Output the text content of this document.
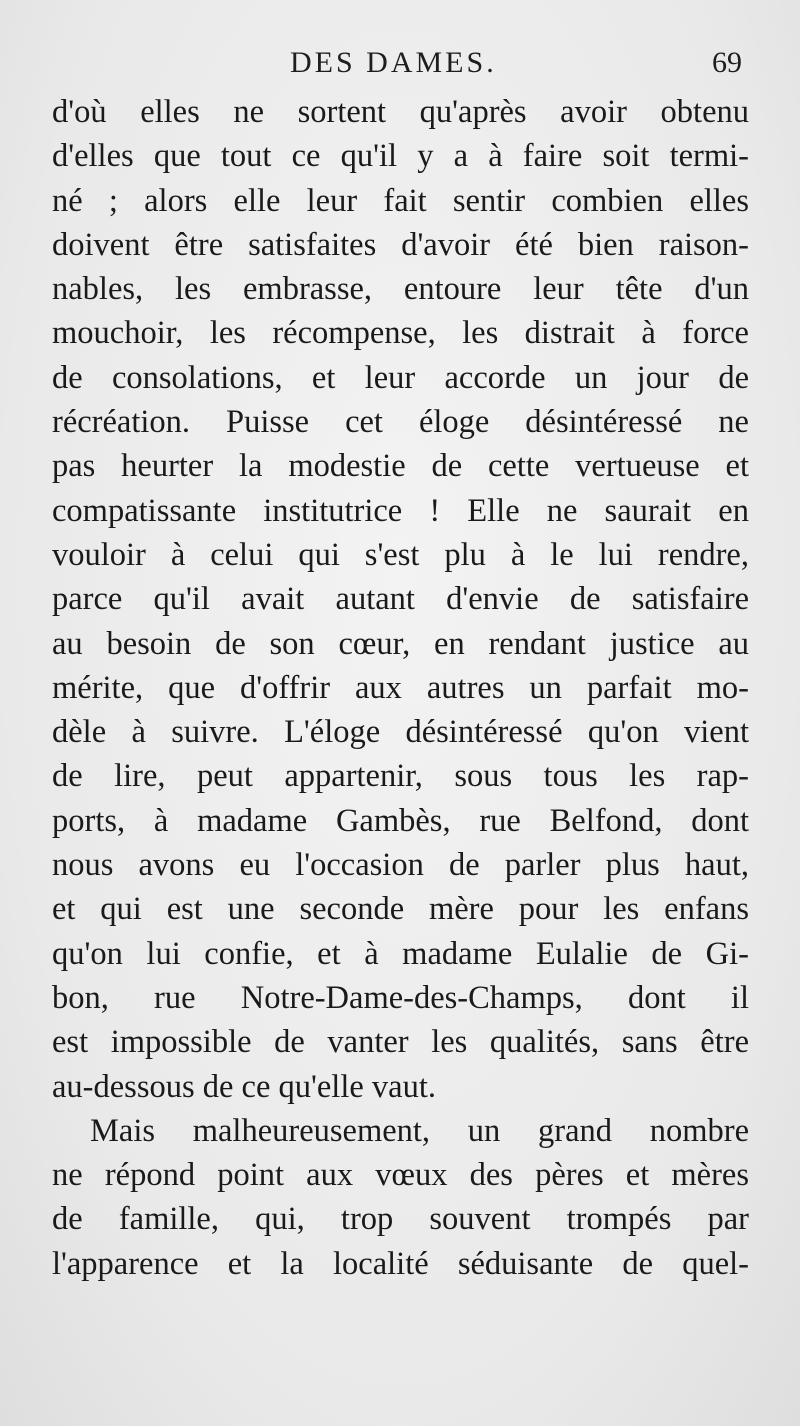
DES DAMES.	69
d'où elles ne sortent qu'après avoir obtenu
d'elles que tout ce qu'il y a à faire soit termi-
né ; alors elle leur fait sentir combien elles
doivent être satisfaites d'avoir été bien raison-
nables, les embrasse, entoure leur tête d'un
mouchoir, les récompense, les distrait à force
de consolations, et leur accorde un jour de
récréation. Puisse cet éloge désintéressé ne
pas heurter la modestie de cette vertueuse et
compatissante institutrice ! Elle ne saurait en
vouloir à celui qui s'est plu à le lui rendre,
parce qu'il avait autant d'envie de satisfaire
au besoin de son cœur, en rendant justice au
mérite, que d'offrir aux autres un parfait mo-
dèle à suivre. L'éloge désintéressé qu'on vient
de lire, peut appartenir, sous tous les rap-
ports, à madame Gambès, rue Belfond, dont
nous avons eu l'occasion de parler plus haut,
et qui est une seconde mère pour les enfans
qu'on lui confie, et à madame Eulalie de Gi-
bon, rue Notre-Dame-des-Champs, dont il
est impossible de vanter les qualités, sans être
au-dessous de ce qu'elle vaut.
Mais malheureusement, un grand nombre
ne répond point aux vœux des pères et mères
de famille, qui, trop souvent trompés par
l'apparence et la localité séduisante de quel-
